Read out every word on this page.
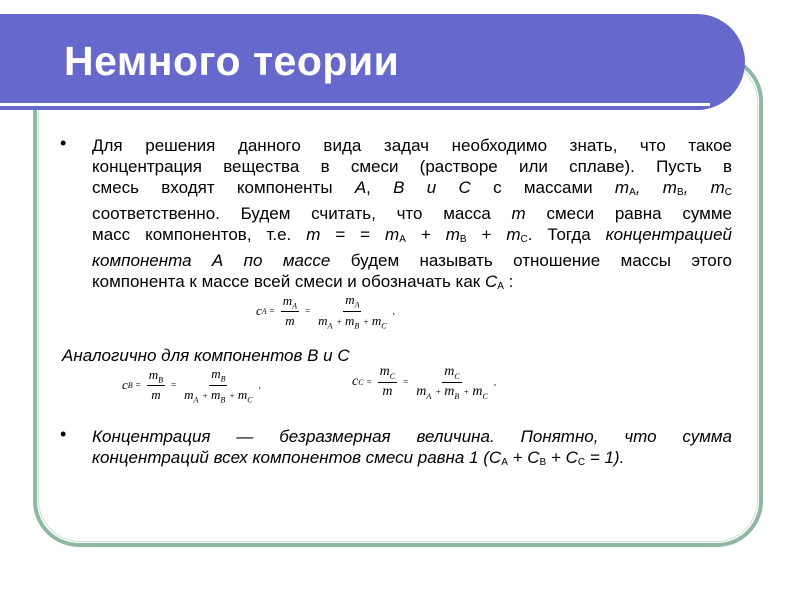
Немного теории
• Для решения данного вида задач необходимо знать, что такое
концентрация вещества в смеси (растворе или сплаве). Пусть в
смесь входят компоненты А, В и С с массами $m_A$, $m_B$, $m_C$
соответственно. Будем считать, что масса m смеси равна сумме
масс компонентов, т.е. m = = $m_A + m_B + m_C$. Тогда концентрацией
компонента А по массе будем называть отношение массы этого
компонента к массе всей смеси и обозначать как $C_A$ :
c $A = \frac{m_A}{m} = \frac{m_A}{m_A + m_B + m_C}$ ,
Аналогично для компонентов В и С
c $B = \frac{m_B}{m} = \frac{m_B}{m_A + m_B + m_C}$ ,	c $C = \frac{m_C}{m} = \frac{m_C}{m_A + m_B + m_C}$ ,
• Концентрация — безразмерная величина. Понятно, что сумма
концентраций всех компонентов смеси равна 1 $(C_A + C_B + C_C = 1)$.
